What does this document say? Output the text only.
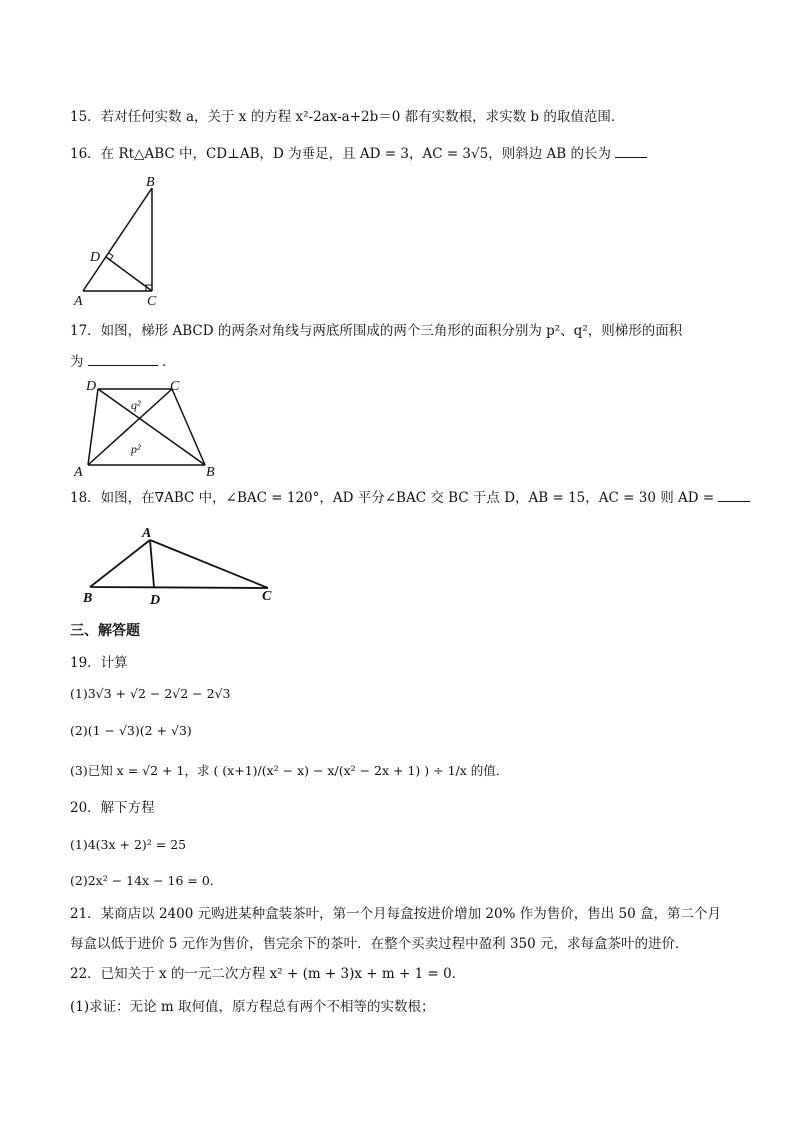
15．若对任何实数 a，关于 x 的方程 x²-2ax-a+2b＝0 都有实数根，求实数 b 的取值范围．
16．在 Rt△ABC 中，CD⊥AB，D 为垂足，且 AD = 3，AC = 3√5，则斜边 AB 的长为
B
D
A	C
17．如图，梯形 ABCD 的两条对角线与两底所围成的两个三角形的面积分别为 p²、q²，则梯形的面积
为	．
D	C
A	B
q²
p²
18．如图，在∇ABC 中，∠BAC = 120°，AD 平分∠BAC 交 BC 于点 D，AB = 15，AC = 30 则 AD =
A
B	D	C
三、解答题
19．计算
(1)3√3 + √2 − 2√2 − 2√3
(2)(1 − √3)(2 + √3)
(3)已知 x = √2 + 1，求 ( (x+1)/(x² − x) − x/(x² − 2x + 1) ) ÷ 1/x 的值．
20．解下方程
(1)4(3x + 2)² = 25
(2)2x² − 14x − 16 = 0．
21．某商店以 2400 元购进某种盒装茶叶，第一个月每盒按进价增加 20% 作为售价，售出 50 盒，第二个月
每盒以低于进价 5 元作为售价，售完余下的茶叶．在整个买卖过程中盈利 350 元，求每盒茶叶的进价．
22．已知关于 x 的一元二次方程 x² + (m + 3)x + m + 1 = 0．
(1)求证：无论 m 取何值，原方程总有两个不相等的实数根；
